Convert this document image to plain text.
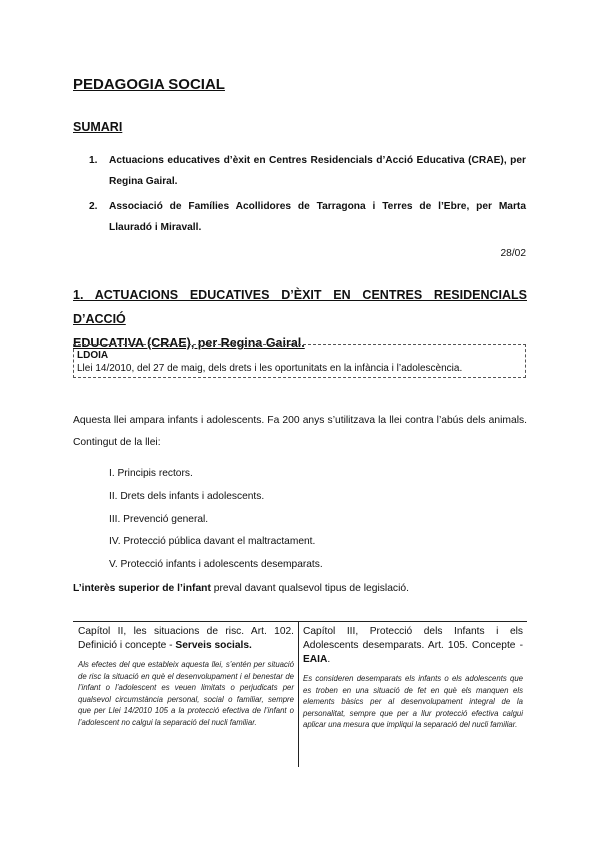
PEDAGOGIA SOCIAL
SUMARI
1. Actuacions educatives d’èxit en Centres Residencials d’Acció Educativa (CRAE), per Regina Gairal.
2. Associació de Famílies Acollidores de Tarragona i Terres de l’Ebre, per Marta Llauradó i Miravall.
28/02
1. ACTUACIONS EDUCATIVES D’ÈXIT EN CENTRES RESIDENCIALS D’ACCIÓ
EDUCATIVA (CRAE), per Regina Gairal.
LDOIA
Llei 14/2010, del 27 de maig, dels drets i les oportunitats en la infància i l’adolescència.
Aquesta llei ampara infants i adolescents. Fa 200 anys s’utilitzava la llei contra l’abús dels animals. Contingut de la llei:
I. Principis rectors.
II. Drets dels infants i adolescents.
III. Prevenció general.
IV. Protecció pública davant el maltractament.
V. Protecció infants i adolescents desemparats.
L’interès superior de l’infant preval davant qualsevol tipus de legislació.
Capítol II, les situacions de risc. Art. 102. Definició i concepte - Serveis socials.
Als efectes del que estableix aquesta llei, s’entén per situació de risc la situació en què el desenvolupament i el benestar de l’infant o l’adolescent es veuen limitats o perjudicats per qualsevol circumstància personal, social o familiar, sempre que per Llei 14/2010 105 a la protecció efectiva de l’infant o l’adolescent no calgui la separació del nucli familiar.
Capítol III, Protecció dels Infants i els Adolescents desemparats. Art. 105. Concepte - EAIA.
Es consideren desemparats els infants o els adolescents que es troben en una situació de fet en què els manquen els elements bàsics per al desenvolupament integral de la personalitat, sempre que per a llur protecció efectiva calgui aplicar una mesura que impliqui la separació del nucli familiar.
